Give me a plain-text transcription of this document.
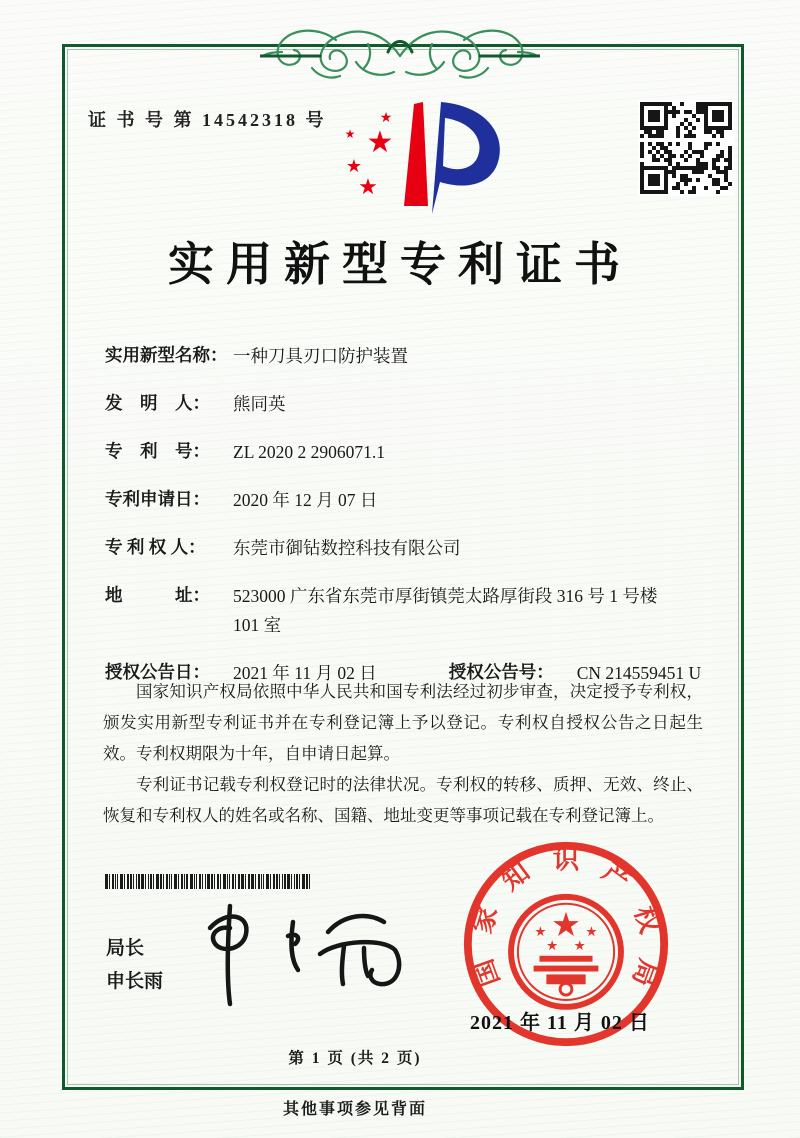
证 书 号 第 14542318 号
★
★
★
★
★
实用新型专利证书
实用新型名称： 一种刀具刃口防护装置
发　明　人：	熊同英
专　利　号：	ZL 2020 2 2906071.1
专利申请日：	2020 年 12 月 07 日
专 利 权 人：	东莞市御钻数控科技有限公司
地　　　址：	523000 广东省东莞市厚街镇莞太路厚街段 316 号 1 号楼 101 室
授权公告日：	2021 年 11 月 02 日	授权公告号：	CN 214559451 U

国家知识产权局依照中华人民共和国专利法经过初步审查，决定授予专利权，颁发实用新型专利证书并在专利登记簿上予以登记。专利权自授权公告之日起生效。专利权期限为十年，自申请日起算。

专利证书记载专利权登记时的法律状况。专利权的转移、质押、无效、终止、恢复和专利权人的姓名或名称、国籍、地址变更等事项记载在专利登记簿上。

局长
申长雨	国
家
知 识 产
权
局
★
★	★
★ ★
2021 年 11 月 02 日
第 1 页 (共 2 页)
其他事项参见背面
